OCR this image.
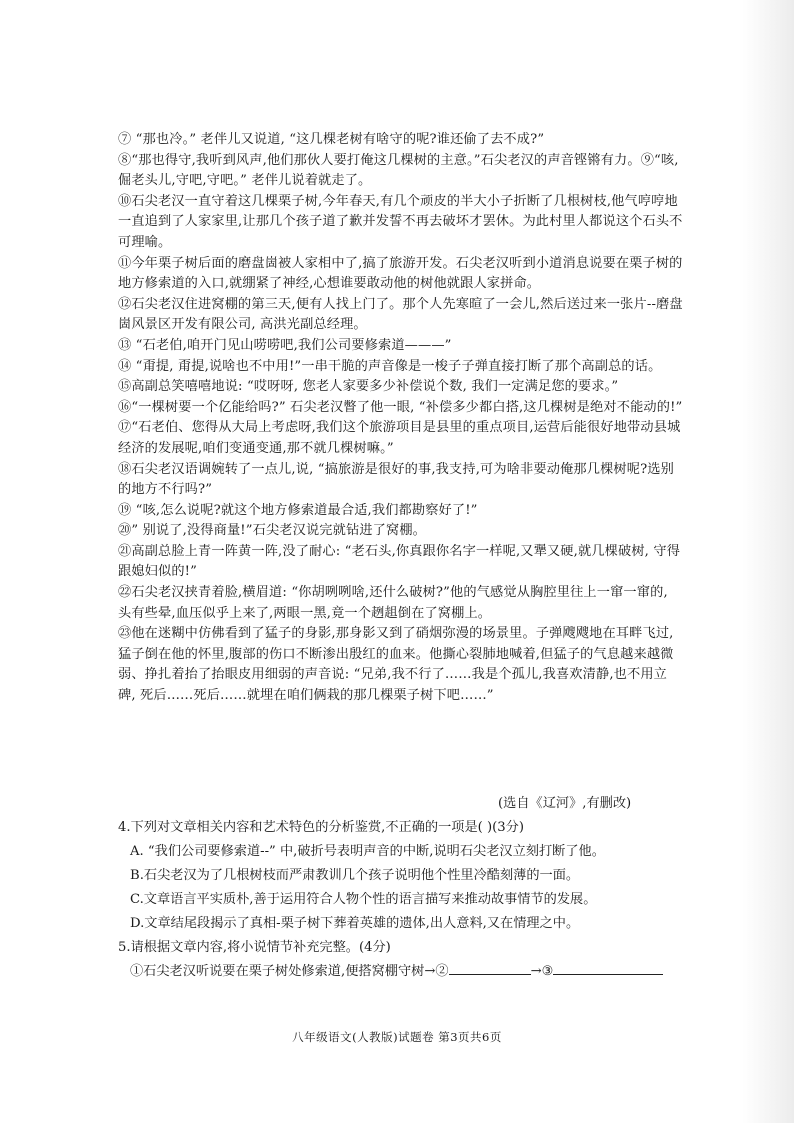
⑦ “那也冷。” 老伴儿又说道, “这几棵老树有啥守的呢?谁还偷了去不成?”

⑧“那也得守,我听到风声,他们那伙人要打俺这几棵树的主意。”石尖老汉的声音铿锵有力。⑨“咳,倔老头儿,守吧,守吧。” 老伴儿说着就走了。

⑩石尖老汉一直守着这几棵栗子树,今年春天,有几个顽皮的半大小子折断了几根树枝,他气哼哼地一直追到了人家家里,让那几个孩子道了歉并发誓不再去破坏才罢休。为此村里人都说这个石头不可理喻。

⑪今年栗子树后面的磨盘崮被人家相中了,搞了旅游开发。石尖老汉听到小道消息说要在栗子树的地方修索道的入口,就绷紧了神经,心想谁要敢动他的树他就跟人家拼命。

⑫石尖老汉住进窝棚的第三天,便有人找上门了。那个人先寒暄了一会儿,然后送过来一张片--磨盘崮风景区开发有限公司, 高洪光副总经理。

⑬ “石老伯,咱开门见山唠唠吧,我们公司要修索道———”

⑭ “甭提, 甭提,说啥也不中用!”一串干脆的声音像是一梭子子弹直接打断了那个高副总的话。

⑮高副总笑嘻嘻地说: “哎呀呀, 您老人家要多少补偿说个数, 我们一定满足您的要求。”

⑯“一棵树要一个亿能给吗?” 石尖老汉瞥了他一眼, “补偿多少都白搭,这几棵树是绝对不能动的!”

⑰“石老伯、您得从大局上考虑呀,我们这个旅游项目是县里的重点项目,运营后能很好地带动县城经济的发展呢,咱们变通变通,那不就几棵树嘛。”

⑱石尖老汉语调婉转了一点儿,说, “搞旅游是很好的事,我支持,可为啥非要动俺那几棵树呢?选别的地方不行吗?”

⑲ “咳,怎么说呢?就这个地方修索道最合适,我们都勘察好了!”

⑳” 别说了,没得商量!”石尖老汉说完就钻进了窝棚。

㉑高副总脸上青一阵黄一阵,没了耐心: “老石头,你真跟你名字一样呢,又犟又硬,就几棵破树, 守得跟媳妇似的!”

㉒石尖老汉挟青着脸,横眉道: “你胡咧咧啥,还什么破树?”他的气感觉从胸腔里往上一窜一窜的, 头有些晕,血压似乎上来了,两眼一黑,竟一个趔趄倒在了窝棚上。

㉓他在迷糊中仿佛看到了猛子的身影,那身影又到了硝烟弥漫的场景里。子弹飕飕地在耳畔飞过, 猛子倒在他的怀里,腹部的伤口不断渗出殷红的血来。他撕心裂肺地喊着,但猛子的气息越来越微弱、挣扎着抬了抬眼皮用细弱的声音说: “兄弟,我不行了……我是个孤儿,我喜欢清静,也不用立碑, 死后……死后……就埋在咱们俩栽的那几棵栗子树下吧……”

(选自《辽河》,有删改)

4.下列对文章相关内容和艺术特色的分析鉴赏,不正确的一项是( )(3分)

A. “我们公司要修索道--” 中,破折号表明声音的中断,说明石尖老汉立刻打断了他。

B.石尖老汉为了几根树枝而严肃教训几个孩子说明他个性里冷酷刻薄的一面。

C.文章语言平实质朴,善于运用符合人物个性的语言描写来推动故事情节的发展。

D.文章结尾段揭示了真相-栗子树下葬着英雄的遗体,出人意料,又在情理之中。

5.请根据文章内容,将小说情节补充完整。(4分)

①石尖老汉听说要在栗子树处修索道,便搭窝棚守树→②	→③

八年级语文(人教版)试题卷 第3页共6页
